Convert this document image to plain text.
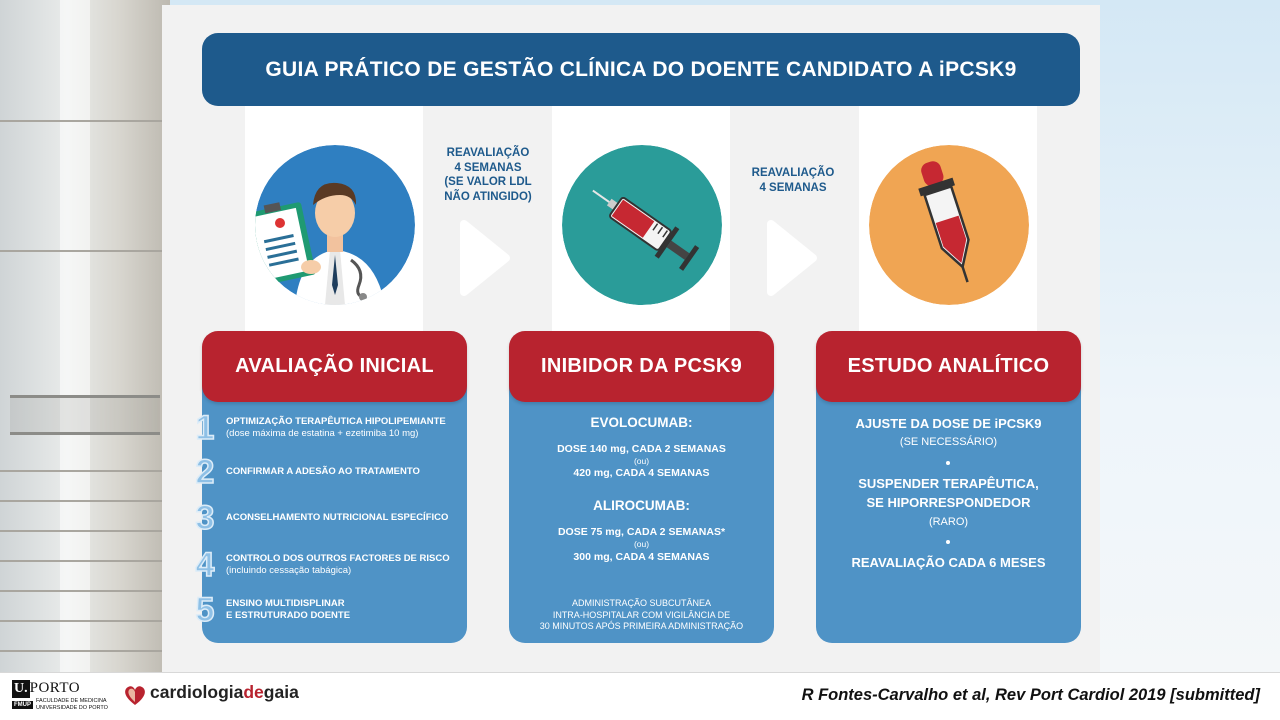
GUIA PRÁTICO DE GESTÃO CLÍNICA DO DOENTE CANDIDATO A iPCSK9
REAVALIAÇÃO
4 SEMANAS
(SE VALOR LDL
NÃO ATINGIDO)
REAVALIAÇÃO
4 SEMANAS
AVALIAÇÃO INICIAL	INIBIDOR DA PCSK9	ESTUDO ANALÍTICO
1	OPTIMIZAÇÃO TERAPÊUTICA HIPOLIPEMIANTE
(dose máxima de estatina + ezetimiba 10 mg)
2	CONFIRMAR A ADESÃO AO TRATAMENTO
3	ACONSELHAMENTO NUTRICIONAL ESPECÍFICO
4	CONTROLO DOS OUTROS FACTORES DE RISCO
(incluindo cessação tabágica)
5	ENSINO MULTIDISPLINAR
E ESTRUTURADO DOENTE
EVOLOCUMAB:
DOSE 140 mg, CADA 2 SEMANAS
(ou)
420 mg, CADA 4 SEMANAS
ALIROCUMAB:
DOSE 75 mg, CADA 2 SEMANAS*
(ou)
300 mg, CADA 4 SEMANAS
ADMINISTRAÇÃO SUBCUTÂNEA
INTRA-HOSPITALAR COM VIGILÂNCIA DE
30 MINUTOS APÓS PRIMEIRA ADMINISTRAÇÃO
AJUSTE DA DOSE DE iPCSK9
(SE NECESSÁRIO)
SUSPENDER TERAPÊUTICA,
SE HIPORRESPONDEDOR
(RARO)
REAVALIAÇÃO CADA 6 MESES
U. PORTO
FMUP
FACULDADE DE MEDICINA
UNIVERSIDADE DO PORTO
cardiologiadegaia	R Fontes-Carvalho et al, Rev Port Cardiol 2019 [submitted]
